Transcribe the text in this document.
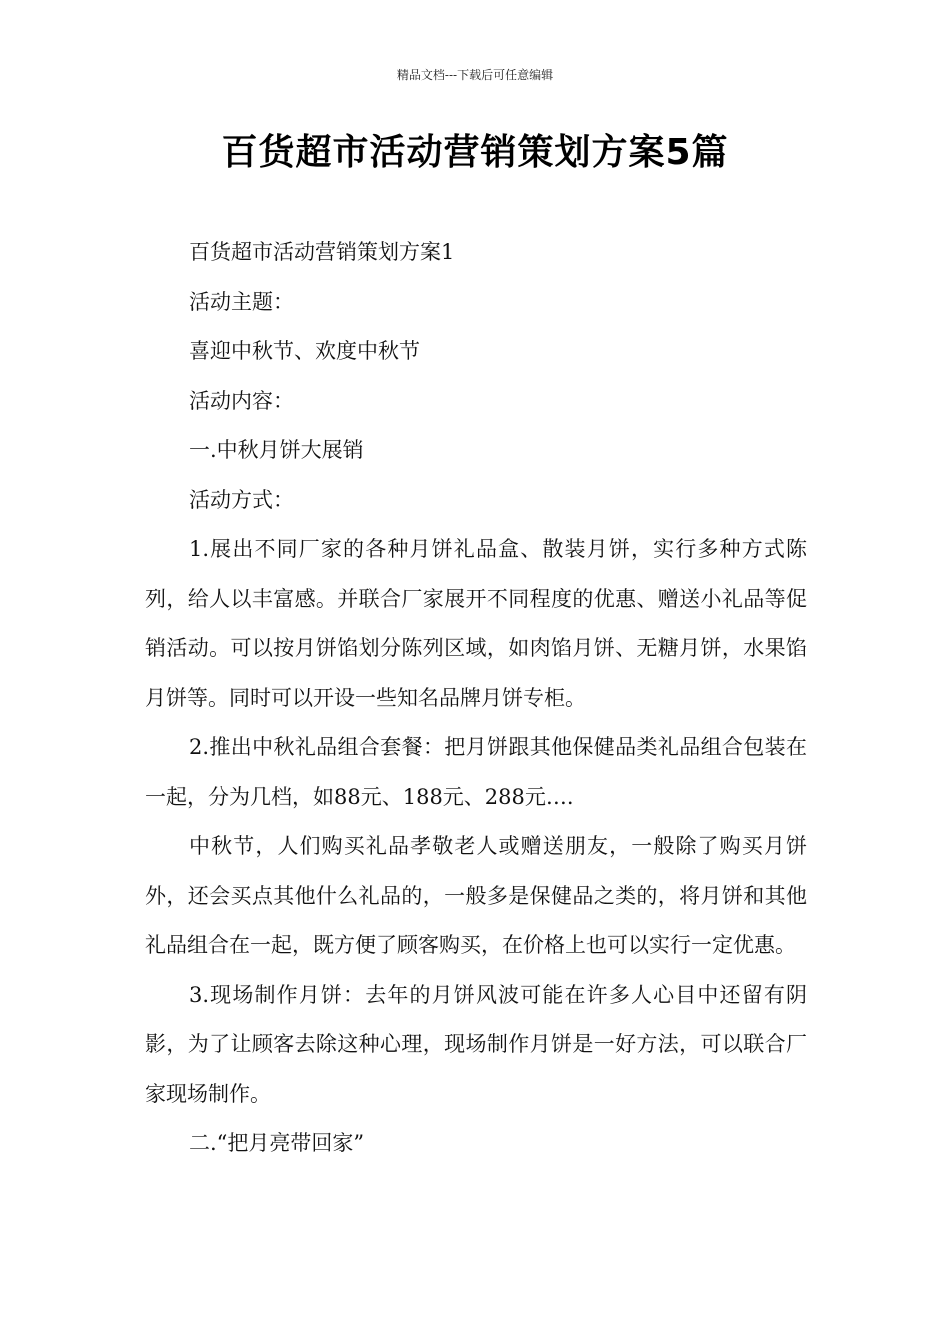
精品文档---下载后可任意编辑
百货超市活动营销策划方案5篇

百货超市活动营销策划方案1

活动主题：

喜迎中秋节、欢度中秋节

活动内容：

一.中秋月饼大展销

活动方式：

1.展出不同厂家的各种月饼礼品盒、散装月饼，实行多种方式陈列，给人以丰富感。并联合厂家展开不同程度的优惠、赠送小礼品等促销活动。可以按月饼馅划分陈列区域，如肉馅月饼、无糖月饼，水果馅月饼等。同时可以开设一些知名品牌月饼专柜。

2.推出中秋礼品组合套餐：把月饼跟其他保健品类礼品组合包装在一起，分为几档，如88元、188元、288元….

中秋节，人们购买礼品孝敬老人或赠送朋友，一般除了购买月饼外，还会买点其他什么礼品的，一般多是保健品之类的，将月饼和其他礼品组合在一起，既方便了顾客购买，在价格上也可以实行一定优惠。

3.现场制作月饼：去年的月饼风波可能在许多人心目中还留有阴影，为了让顾客去除这种心理，现场制作月饼是一好方法，可以联合厂家现场制作。

二.“把月亮带回家”
